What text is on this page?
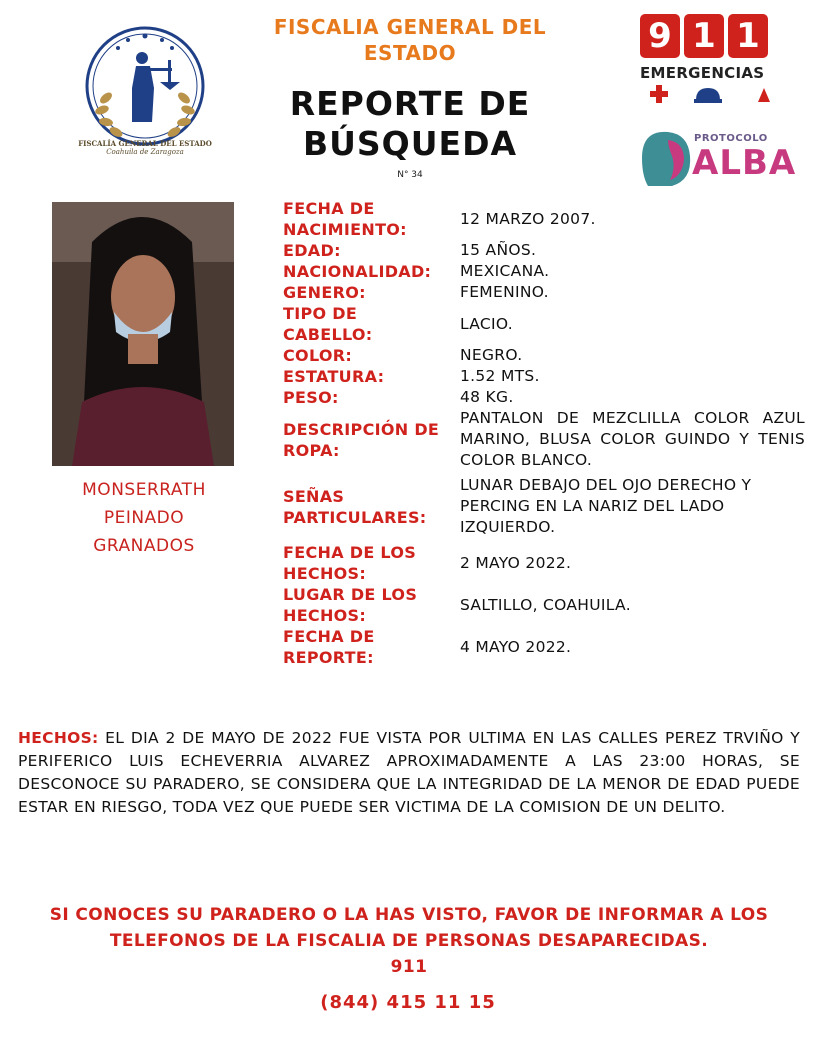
FISCALÍA GENERAL DEL ESTADO
Coahuila de Zaragoza
FISCALIA GENERAL DEL ESTADO
REPORTE DE BÚSQUEDA
N° 34
9 1 1
EMERGENCIAS
PROTOCOLO
ALBA
MONSERRATH
PEINADO
GRANADOS
FECHA DE NACIMIENTO:
12 MARZO 2007.
EDAD:	15 AÑOS.
NACIONALIDAD:	MEXICANA.
GENERO:	FEMENINO.
TIPO DE CABELLO:
LACIO.
COLOR:	NEGRO.
ESTATURA:	1.52 MTS.
PESO:	48 KG.
DESCRIPCIÓN DE ROPA:
PANTALON DE MEZCLILLA COLOR AZUL MARINO, BLUSA COLOR GUINDO Y TENIS COLOR BLANCO.
SEÑAS PARTICULARES:
LUNAR DEBAJO DEL OJO DERECHO Y PERCING EN LA NARIZ DEL LADO IZQUIERDO.
FECHA DE LOS HECHOS:
2 MAYO 2022.
LUGAR DE LOS HECHOS:
SALTILLO, COAHUILA.
FECHA DE REPORTE:
4 MAYO 2022.
HECHOS: EL DIA 2 DE MAYO DE 2022 FUE VISTA POR ULTIMA EN LAS CALLES PEREZ TRVIÑO Y PERIFERICO LUIS ECHEVERRIA ALVAREZ APROXIMADAMENTE A LAS 23:00 HORAS, SE DESCONOCE SU PARADERO, SE CONSIDERA QUE LA INTEGRIDAD DE LA MENOR DE EDAD PUEDE ESTAR EN RIESGO, TODA VEZ QUE PUEDE SER VICTIMA DE LA COMISION DE UN DELITO.
SI CONOCES SU PARADERO O LA HAS VISTO, FAVOR DE INFORMAR A LOS TELEFONOS DE LA FISCALIA DE PERSONAS DESAPARECIDAS.
911
(844) 415 11 15
